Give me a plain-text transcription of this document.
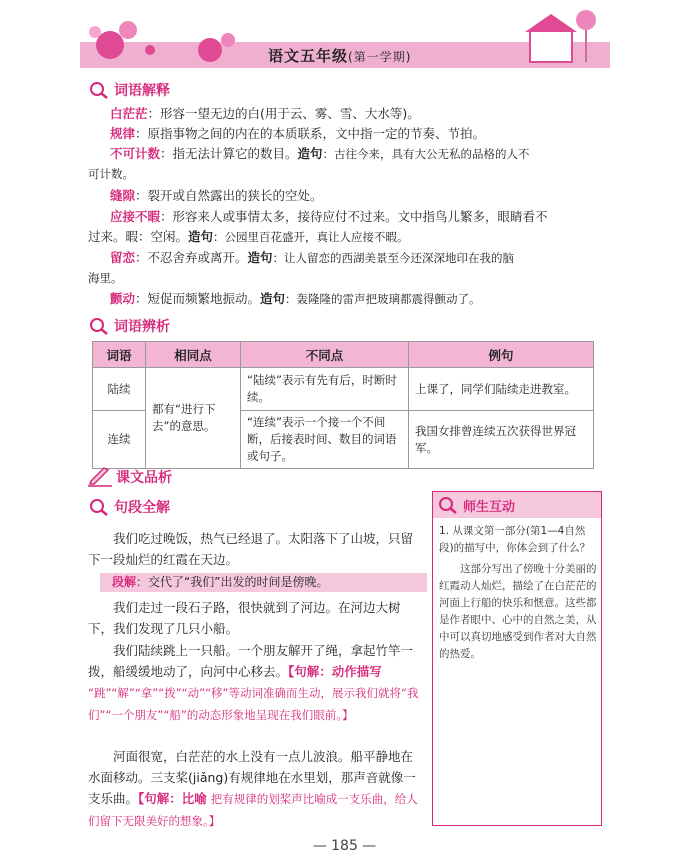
语文五年级(第一学期)
词语解释
白茫茫：形容一望无边的白(用于云、雾、雪、大水等)。
规律：原指事物之间的内在的本质联系，文中指一定的节奏、节拍。
不可计数：指无法计算它的数目。造句：古往今来，具有大公无私的品格的人不
可计数。
缝隙：裂开或自然露出的狭长的空处。
应接不暇：形容来人或事情太多，接待应付不过来。文中指鸟儿繁多，眼睛看不
过来。暇：空闲。造句：公园里百花盛开，真让人应接不暇。
留恋：不忍舍弃或离开。造句：让人留恋的西湖美景至今还深深地印在我的脑
海里。
颤动：短促而频繁地振动。造句：轰隆隆的雷声把玻璃都震得颤动了。
词语辨析
词语	相同点	不同点	例句
陆续	都有“进行下去”的意思。	“陆续”表示有先有后，时断时续。	上课了，同学们陆续走进教室。
连续		“连续”表示一个接一个不间断，后接表时间、数目的词语或句子。	我国女排曾连续五次获得世界冠军。
课文品析
句段全解
我们吃过晚饭，热气已经退了。太阳落下了山坡，只留下一段灿烂的红霞在天边。
段解：交代了“我们”出发的时间是傍晚。
我们走过一段石子路，很快就到了河边。在河边大树下，我们发现了几只小船。
我们陆续跳上一只船。一个朋友解开了绳，拿起竹竿一拨，船缓缓地动了，向河中心移去。【句解：动作描写 “跳”“解”“拿”“拨”“动”“移”等动词准确而生动，展示我们就将“我们”“一个朋友”“船”的动态形象地呈现在我们眼前。】
河面很宽，白茫茫的水上没有一点儿波浪。船平静地在水面移动。三支桨(jiǎng)有规律地在水里划，那声音就像一支乐曲。【句解：比喻 把有规律的划桨声比喻成一支乐曲，给人们留下无限美好的想象。】
师生互动
1. 从课文第一部分(第1—4自然段)的描写中，你体会到了什么？
这部分写出了傍晚十分美丽的红霞动人灿烂，描绘了在白茫茫的河面上行船的快乐和惬意。这些都是作者眼中、心中的自然之美，从中可以真切地感受到作者对大自然的热爱。
— 185 —
